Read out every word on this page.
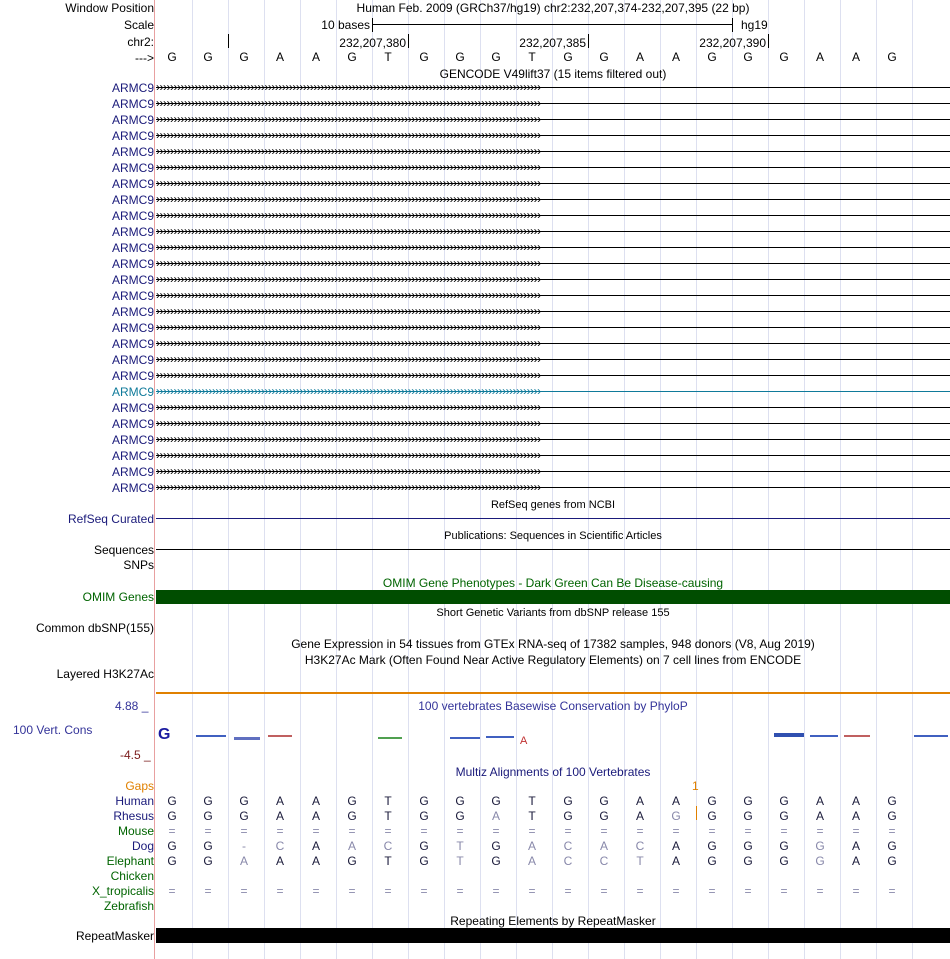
Window Position
Scale
chr2:
--->
Human Feb. 2009 (GRCh37/hg19) chr2:232,207,374-232,207,395 (22 bp)
10 bases	hg19
232,207,380	232,207,385	232,207,390
G	G	G	A	A	G	T	G	G	G	T	G	G	A	A	G	G	G	A	A	G
GENCODE V49lift37 (15 items filtered out)
ARMC9 ››››››››››››››››››››››››››››››››››››››››››››››››››››››››››››››››››››››››››››››››››››››››››››››››››››››››››››››
ARMC9 ››››››››››››››››››››››››››››››››››››››››››››››››››››››››››››››››››››››››››››››››››››››››››››››››››››››››››››››
ARMC9 ››››››››››››››››››››››››››››››››››››››››››››››››››››››››››››››››››››››››››››››››››››››››››››››››››››››››››››››
ARMC9 ››››››››››››››››››››››››››››››››››››››››››››››››››››››››››››››››››››››››››››››››››››››››››››››››››››››››››››››
ARMC9 ››››››››››››››››››››››››››››››››››››››››››››››››››››››››››››››››››››››››››››››››››››››››››››››››››››››››››››››
ARMC9 ››››››››››››››››››››››››››››››››››››››››››››››››››››››››››››››››››››››››››››››››››››››››››››››››››››››››››››››
ARMC9 ››››››››››››››››››››››››››››››››››››››››››››››››››››››››››››››››››››››››››››››››››››››››››››››››››››››››››››››
ARMC9 ››››››››››››››››››››››››››››››››››››››››››››››››››››››››››››››››››››››››››››››››››››››››››››››››››››››››››››››
ARMC9 ››››››››››››››››››››››››››››››››››››››››››››››››››››››››››››››››››››››››››››››››››››››››››››››››››››››››››››››
ARMC9 ››››››››››››››››››››››››››››››››››››››››››››››››››››››››››››››››››››››››››››››››››››››››››››››››››››››››››››››
ARMC9 ››››››››››››››››››››››››››››››››››››››››››››››››››››››››››››››››››››››››››››››››››››››››››››››››››››››››››››››
ARMC9 ››››››››››››››››››››››››››››››››››››››››››››››››››››››››››››››››››››››››››››››››››››››››››››››››››››››››››››››
ARMC9 ››››››››››››››››››››››››››››››››››››››››››››››››››››››››››››››››››››››››››››››››››››››››››››››››››››››››››››››
ARMC9 ››››››››››››››››››››››››››››››››››››››››››››››››››››››››››››››››››››››››››››››››››››››››››››››››››››››››››››››
ARMC9 ››››››››››››››››››››››››››››››››››››››››››››››››››››››››››››››››››››››››››››››››››››››››››››››››››››››››››››››
ARMC9 ››››››››››››››››››››››››››››››››››››››››››››››››››››››››››››››››››››››››››››››››››››››››››››››››››››››››››››››
ARMC9 ››››››››››››››››››››››››››››››››››››››››››››››››››››››››››››››››››››››››››››››››››››››››››››››››››››››››››››››
ARMC9 ››››››››››››››››››››››››››››››››››››››››››››››››››››››››››››››››››››››››››››››››››››››››››››››››››››››››››››››
ARMC9 ››››››››››››››››››››››››››››››››››››››››››››››››››››››››››››››››››››››››››››››››››››››››››››››››››››››››››››››
ARMC9 ››››››››››››››››››››››››››››››››››››››››››››››››››››››››››››››››››››››››››››››››››››››››››››››››››››››››››››››
ARMC9 ››››››››››››››››››››››››››››››››››››››››››››››››››››››››››››››››››››››››››››››››››››››››››››››››››››››››››››››
ARMC9 ››››››››››››››››››››››››››››››››››››››››››››››››››››››››››››››››››››››››››››››››››››››››››››››››››››››››››››››
ARMC9 ››››››››››››››››››››››››››››››››››››››››››››››››››››››››››››››››››››››››››››››››››››››››››››››››››››››››››››››
ARMC9 ››››››››››››››››››››››››››››››››››››››››››››››››››››››››››››››››››››››››››››››››››››››››››››››››››››››››››››››
ARMC9 ››››››››››››››››››››››››››››››››››››››››››››››››››››››››››››››››››››››››››››››››››››››››››››››››››››››››››››››
ARMC9 ››››››››››››››››››››››››››››››››››››››››››››››››››››››››››››››››››››››››››››››››››››››››››››››››››››››››››››››
RefSeq genes from NCBI
RefSeq Curated
Publications: Sequences in Scientific Articles
Sequences
SNPs
OMIM Gene Phenotypes - Dark Green Can Be Disease-causing
OMIM Genes
Short Genetic Variants from dbSNP release 155
Common dbSNP(155)
Gene Expression in 54 tissues from GTEx RNA-seq of 17382 samples, 948 donors (V8, Aug 2019)
H3K27Ac Mark (Often Found Near Active Regulatory Elements) on 7 cell lines from ENCODE
Layered H3K27Ac
100 vertebrates Basewise Conservation by PhyloP
4.88 _
100 Vert. Cons
-4.5 _
G	A
Multiz Alignments of 100 Vertebrates
Gaps	1
Human	G	G	G	A	A	G	T	G	G	G	T	G	G	A	A	G	G	G	A	A	G
Rhesus	G	G	G	A	A	G	T	G	G	A	T	G	G	A	G	G	G	G	A	A	G
Mouse	=	=	=	=	=	=	=	=	=	=	=	=	=	=	=	=	=	=	=	=	=
Dog	G	G	-	C	A	A	C	G	T	G	A	C	A	C	A	G	G	G	G	A	G
Elephant	G	G	A	A	A	G	T	G	T	G	A	C	C	T	A	G	G	G	G	A	G
Chicken
X_tropicalis	=	=	=	=	=	=	=	=	=	=	=	=	=	=	=	=	=	=	=	=	=
Zebrafish
Repeating Elements by RepeatMasker
RepeatMasker
